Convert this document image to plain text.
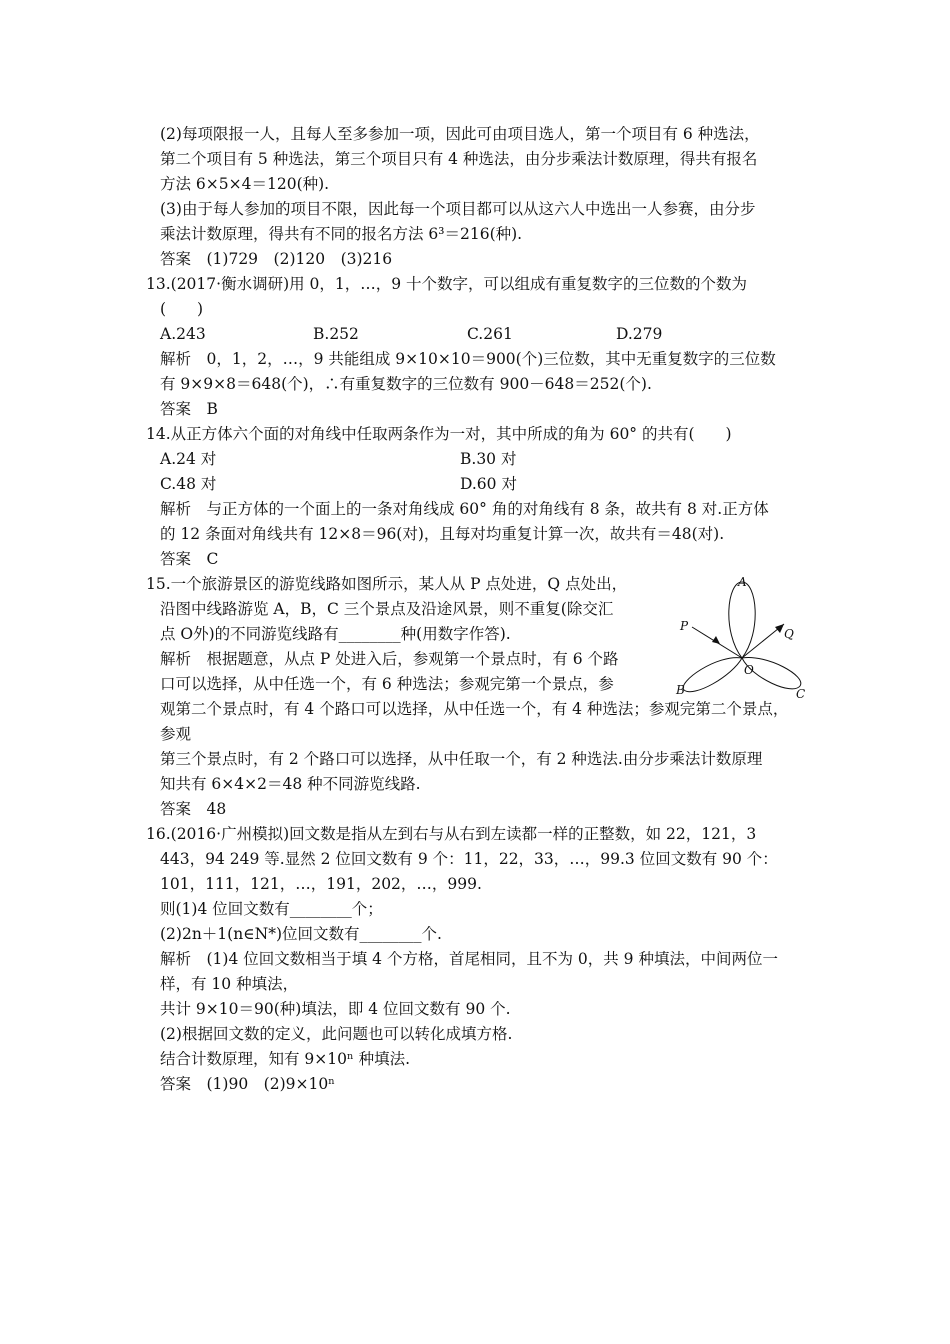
(2)每项限报一人，且每人至多参加一项，因此可由项目选人，第一个项目有 6 种选法，
第二个项目有 5 种选法，第三个项目只有 4 种选法，由分步乘法计数原理，得共有报名
方法 6×5×4＝120(种).
(3)由于每人参加的项目不限，因此每一个项目都可以从这六人中选出一人参赛，由分步
乘法计数原理，得共有不同的报名方法 6³＝216(种).
答案　(1)729　(2)120　(3)216
13.(2017·衡水调研)用 0，1，…，9 十个数字，可以组成有重复数字的三位数的个数为
(　　)
A.243	B.252	C.261	D.279
解析　0，1，2，…，9 共能组成 9×10×10＝900(个)三位数，其中无重复数字的三位数
有 9×9×8＝648(个)，∴有重复数字的三位数有 900－648＝252(个).
答案　B
14.从正方体六个面的对角线中任取两条作为一对，其中所成的角为 60° 的共有(　　)
A.24 对	B.30 对
C.48 对	D.60 对
解析　与正方体的一个面上的一条对角线成 60° 角的对角线有 8 条，故共有 8 对.正方体
的 12 条面对角线共有 12×8＝96(对)，且每对均重复计算一次，故共有＝48(对).
答案　C
15.一个旅游景区的游览线路如图所示，某人从 P 点处进，Q 点处出，
沿图中线路游览 A，B，C 三个景点及沿途风景，则不重复(除交汇
点 O外)的不同游览线路有________种(用数字作答).
解析　根据题意，从点 P 处进入后，参观第一个景点时，有 6 个路
口可以选择，从中任选一个，有 6 种选法；参观完第一个景点，参
观第二个景点时，有 4 个路口可以选择，从中任选一个，有 4 种选法；参观完第二个景点，
参观
第三个景点时，有 2 个路口可以选择，从中任取一个，有 2 种选法.由分步乘法计数原理
知共有 6×4×2＝48 种不同游览线路.
答案　48
A
B	C
P
Q
O
16.(2016·广州模拟)回文数是指从左到右与从右到左读都一样的正整数，如 22，121，3
443，94 249 等.显然 2 位回文数有 9 个：11，22，33，…，99.3 位回文数有 90 个：
101，111，121，…，191，202，…，999.
则(1)4 位回文数有________个；
(2)2n＋1(n∈N*)位回文数有________个.
解析　(1)4 位回文数相当于填 4 个方格，首尾相同，且不为 0，共 9 种填法，中间两位一
样，有 10 种填法，
共计 9×10＝90(种)填法，即 4 位回文数有 90 个.
(2)根据回文数的定义，此问题也可以转化成填方格.
结合计数原理，知有 9×10ⁿ 种填法.
答案　(1)90　(2)9×10ⁿ
